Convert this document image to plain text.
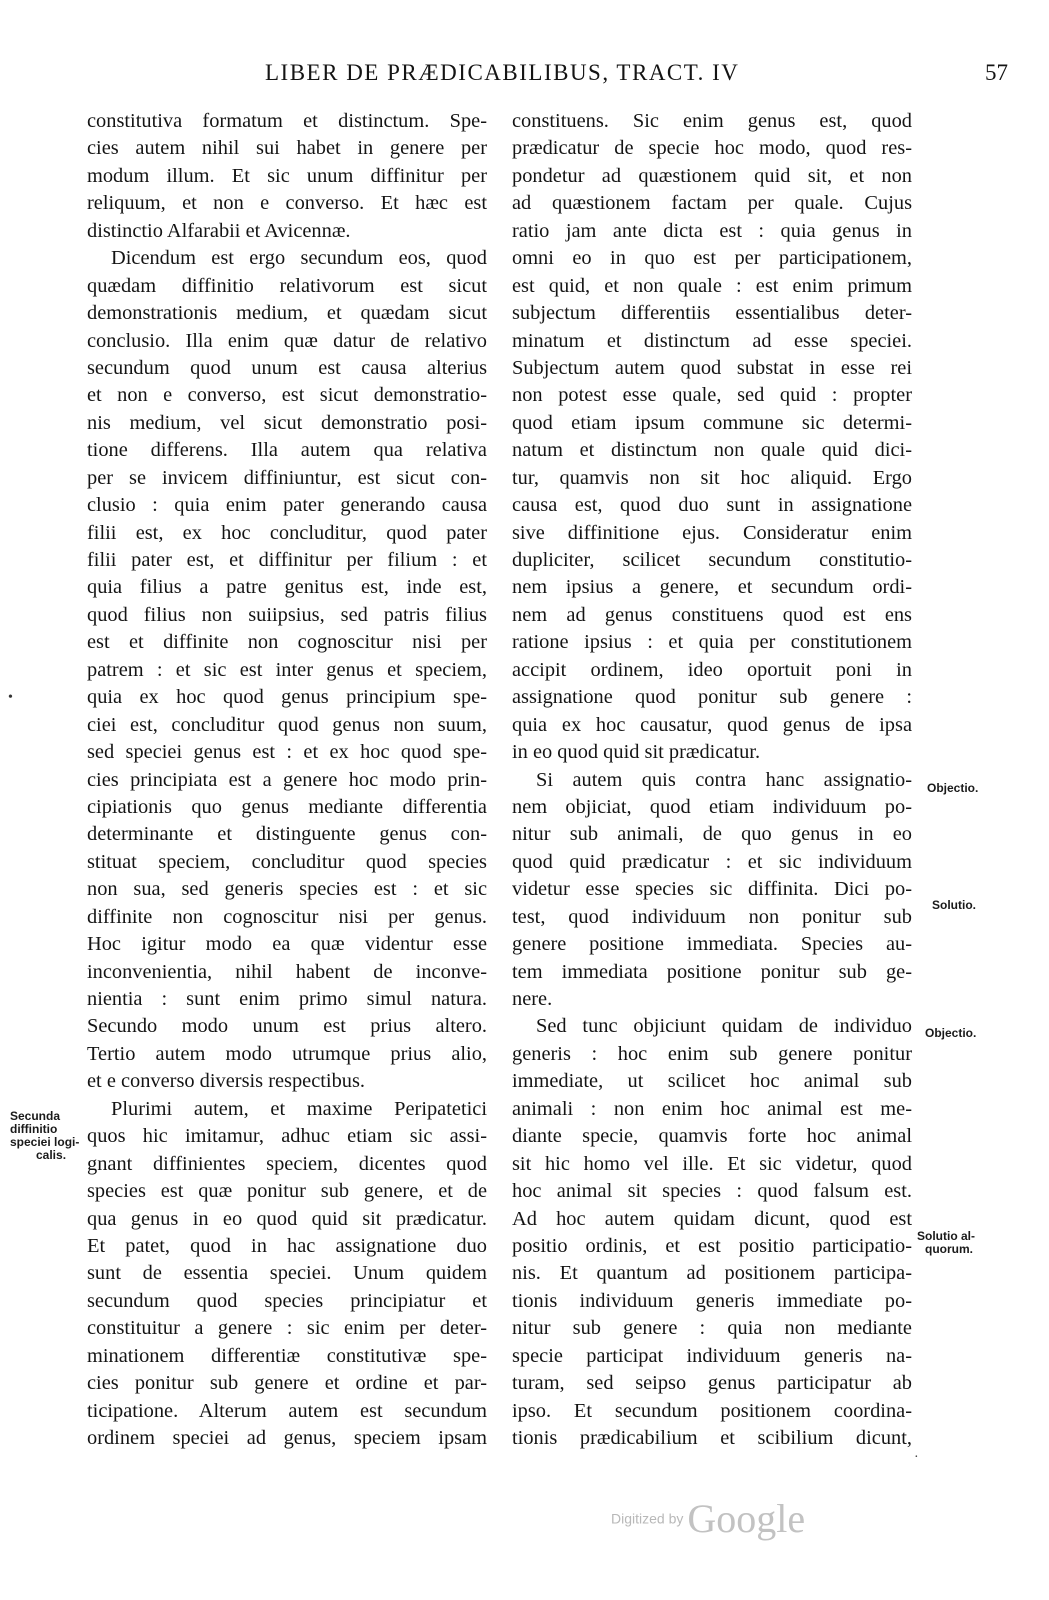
LIBER DE PRÆDICABILIBUS, TRACT. IV	57
constitutiva formatum et distinctum. Spe-
cies autem nihil sui habet in genere per
modum illum. Et sic unum diffinitur per
reliquum, et non e converso. Et hæc est
distinctio Alfarabii et Avicennæ.
Dicendum est ergo secundum eos, quod
quædam diffinitio relativorum est sicut
demonstrationis medium, et quædam sicut
conclusio. Illa enim quæ datur de relativo
secundum quod unum est causa alterius
et non e converso, est sicut demonstratio-
nis medium, vel sicut demonstratio posi-
tione differens. Illa autem qua relativa
per se invicem diffiniuntur, est sicut con-
clusio : quia enim pater generando causa
filii est, ex hoc concluditur, quod pater
filii pater est, et diffinitur per filium : et
quia filius a patre genitus est, inde est,
quod filius non suiipsius, sed patris filius
est et diffinite non cognoscitur nisi per
patrem : et sic est inter genus et speciem,
quia ex hoc quod genus principium spe-
ciei est, concluditur quod genus non suum,
sed speciei genus est : et ex hoc quod spe-
cies principiata est a genere hoc modo prin-
cipiationis quo genus mediante differentia
determinante et distinguente genus con-
stituat speciem, concluditur quod species
non sua, sed generis species est : et sic
diffinite non cognoscitur nisi per genus.
Hoc igitur modo ea quæ videntur esse
inconvenientia, nihil habent de inconve-
nientia : sunt enim primo simul natura.
Secundo modo unum est prius altero.
Tertio autem modo utrumque prius alio,
et e converso diversis respectibus.
Plurimi autem, et maxime Peripatetici
quos hic imitamur, adhuc etiam sic assi-
gnant diffinientes speciem, dicentes quod
species est quæ ponitur sub genere, et de
qua genus in eo quod quid sit prædicatur.
Et patet, quod in hac assignatione duo
sunt de essentia speciei. Unum quidem
secundum quod species principiatur et
constituitur a genere : sic enim per deter-
minationem differentiæ constitutivæ spe-
cies ponitur sub genere et ordine et par-
ticipatione. Alterum autem est secundum
ordinem speciei ad genus, speciem ipsam
constituens. Sic enim genus est, quod
prædicatur de specie hoc modo, quod res-
pondetur ad quæstionem quid sit, et non
ad quæstionem factam per quale. Cujus
ratio jam ante dicta est : quia genus in
omni eo in quo est per participationem,
est quid, et non quale : est enim primum
subjectum differentiis essentialibus deter-
minatum et distinctum ad esse speciei.
Subjectum autem quod substat in esse rei
non potest esse quale, sed quid : propter
quod etiam ipsum commune sic determi-
natum et distinctum non quale quid dici-
tur, quamvis non sit hoc aliquid. Ergo
causa est, quod duo sunt in assignatione
sive diffinitione ejus. Consideratur enim
dupliciter, scilicet secundum constitutio-
nem ipsius a genere, et secundum ordi-
nem ad genus constituens quod est ens
ratione ipsius : et quia per constitutionem
accipit ordinem, ideo oportuit poni in
assignatione quod ponitur sub genere :
quia ex hoc causatur, quod genus de ipsa
in eo quod quid sit prædicatur.
Si autem quis contra hanc assignatio-
nem objiciat, quod etiam individuum po-
nitur sub animali, de quo genus in eo
quod quid prædicatur : et sic individuum
videtur esse species sic diffinita. Dici po-
test, quod individuum non ponitur sub
genere positione immediata. Species au-
tem immediata positione ponitur sub ge-
nere.
Sed tunc objiciunt quidam de individuo
generis : hoc enim sub genere ponitur
immediate, ut scilicet hoc animal sub
animali : non enim hoc animal est me-
diante specie, quamvis forte hoc animal
sit hic homo vel ille. Et sic videtur, quod
hoc animal sit species : quod falsum est.
Ad hoc autem quidam dicunt, quod est
positio ordinis, et est positio participatio-
nis. Et quantum ad positionem participa-
tionis individuum generis immediate po-
nitur sub genere : quia non mediante
specie participat individuum generis na-
turam, sed seipso genus participatur ab
ipso. Et secundum positionem coordina-
tionis prædicabilium et scibilium dicunt,
Secunda
diffinitio
speciei logi-
calis.
Objectio.
Solutio.
Objectio.
Solutio al-
quorum.
•
·
Digitized by Google
